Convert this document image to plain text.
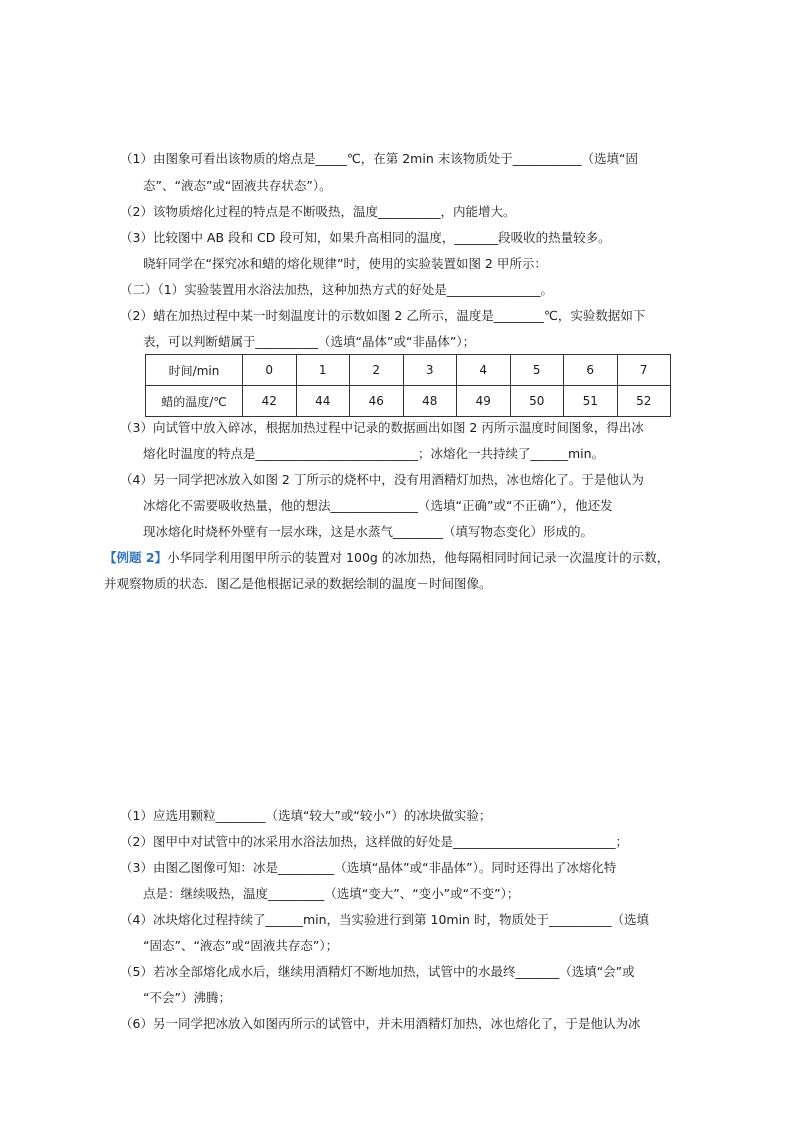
（1）由图象可看出该物质的熔点是_____℃，在第 2min 末该物质处于___________（选填“固

态”、“液态”或“固液共存状态”）。

（2）该物质熔化过程的特点是不断吸热，温度__________，内能增大。

（3）比较图中 AB 段和 CD 段可知，如果升高相同的温度，_______段吸收的热量较多。

晓轩同学在“探究冰和蜡的熔化规律”时，使用的实验装置如图 2 甲所示：

（二）（1）实验装置用水浴法加热，这种加热方式的好处是_______________。

（2）蜡在加热过程中某一时刻温度计的示数如图 2 乙所示，温度是________℃，实验数据如下

表，可以判断蜡属于__________（选填“晶体”或“非晶体”）；

时间/min	0	1	2	3	4	5	6	7
蜡的温度/℃	42	44	46	48	49	50	51	52

（3）向试管中放入碎冰，根据加热过程中记录的数据画出如图 2 丙所示温度时间图象，得出冰

熔化时温度的特点是__________________________；冰熔化一共持续了______min。

（4）另一同学把冰放入如图 2 丁所示的烧杯中，没有用酒精灯加热，冰也熔化了。于是他认为

冰熔化不需要吸收热量，他的想法______________（选填“正确”或“不正确”），他还发

现冰熔化时烧杯外壁有一层水珠，这是水蒸气________（填写物态变化）形成的。

【例题 2】小华同学利用图甲所示的装置对 100g 的冰加热，他每隔相同时间记录一次温度计的示数，

并观察物质的状态．图乙是他根据记录的数据绘制的温度－时间图像。

（1）应选用颗粒________（选填“较大”或“较小”）的冰块做实验；

（2）图甲中对试管中的冰采用水浴法加热，这样做的好处是__________________________；

（3）由图乙图像可知：冰是_________（选填“晶体”或“非晶体”）。同时还得出了冰熔化特

点是：继续吸热，温度_________（选填“变大”、“变小”或“不变”）；

（4）冰块熔化过程持续了______min，当实验进行到第 10min 时，物质处于__________（选填

“固态”、“液态”或“固液共存态”）；

（5）若冰全部熔化成水后，继续用酒精灯不断地加热，试管中的水最终_______（选填“会”或

“不会”）沸腾；

（6）另一同学把冰放入如图丙所示的试管中，并未用酒精灯加热，冰也熔化了，于是他认为冰
